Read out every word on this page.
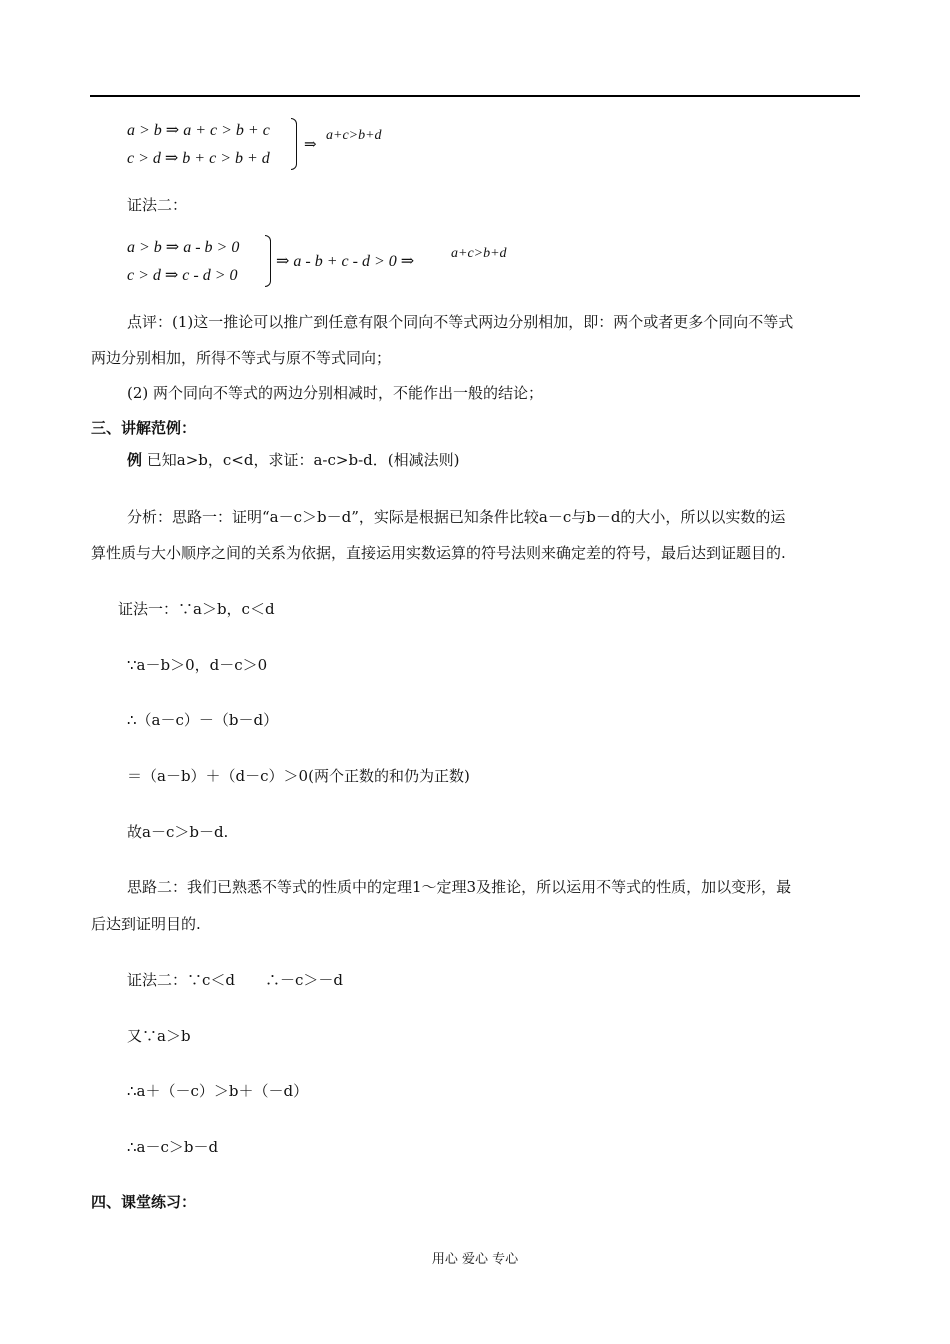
a > b ⇒ a + c > b + c
c > d ⇒ b + c > b + d
⇒ a+c>b+d
证法二：
a > b ⇒ a - b > 0
c > d ⇒ c - d > 0
⇒ a - b + c - d > 0 ⇒	a+c>b+d
点评：(1)这一推论可以推广到任意有限个同向不等式两边分别相加，即：两个或者更多个同向不等式
两边分别相加，所得不等式与原不等式同向；
(2) 两个同向不等式的两边分别相减时，不能作出一般的结论；
三、讲解范例：
例 已知a>b，c<d，求证：a-c>b-d．(相减法则)
分析：思路一：证明“a－c＞b－d”，实际是根据已知条件比较a－c与b－d的大小，所以以实数的运
算性质与大小顺序之间的关系为依据，直接运用实数运算的符号法则来确定差的符号，最后达到证题目的.
证法一：∵a＞b，c＜d
∵a－b＞0，d－c＞0
∴（a－c）－（b－d）
＝（a－b）＋（d－c）＞0(两个正数的和仍为正数)
故a－c＞b－d.
思路二：我们已熟悉不等式的性质中的定理1～定理3及推论，所以运用不等式的性质，加以变形，最
后达到证明目的.
证法二：∵c＜d　　∴－c＞－d
又∵a＞b
∴a＋（－c）＞b＋（－d）
∴a－c＞b－d
四、课堂练习：
用心 爱心 专心
